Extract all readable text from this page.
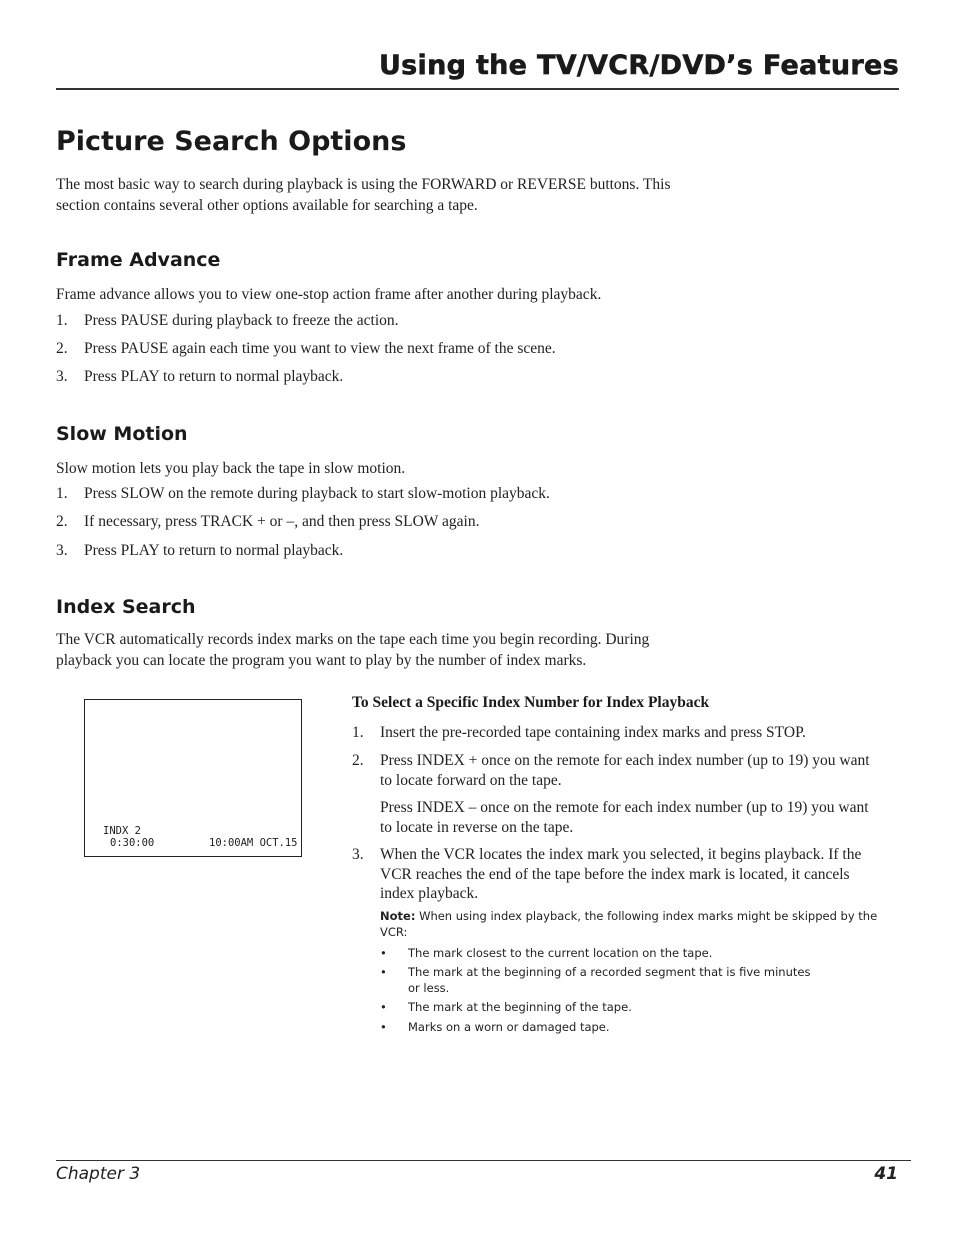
Using the TV/VCR/DVD’s Features
Picture Search Options
The most basic way to search during playback is using the FORWARD or REVERSE buttons. This
section contains several other options available for searching a tape.
Frame Advance
Frame advance allows you to view one-stop action frame after another during playback.
1.	Press PAUSE during playback to freeze the action.
2.	Press PAUSE again each time you want to view the next frame of the scene.
3.	Press PLAY to return to normal playback.
Slow Motion
Slow motion lets you play back the tape in slow motion.
1.	Press SLOW on the remote during playback to start slow-motion playback.
2.	If necessary, press TRACK + or –, and then press SLOW again.
3.	Press PLAY to return to normal playback.
Index Search
The VCR automatically records index marks on the tape each time you begin recording. During
playback you can locate the program you want to play by the number of index marks.
INDX 2
0:30:00	10:00AM OCT.15
To Select a Specific Index Number for Index Playback
1. Insert the pre-recorded tape containing index marks and press STOP.
2. Press INDEX + once on the remote for each index number (up to 19) you want to locate forward on the tape.
Press INDEX – once on the remote for each index number (up to 19) you want to locate in reverse on the tape.
3. When the VCR locates the index mark you selected, it begins playback. If the VCR reaches the end of the tape before the index mark is located, it cancels index playback.
Note: When using index playback, the following index marks might be skipped by the VCR:
• The mark closest to the current location on the tape.
• The mark at the beginning of a recorded segment that is five minutes or less.
• The mark at the beginning of the tape.
• Marks on a worn or damaged tape.
Chapter 3	41
